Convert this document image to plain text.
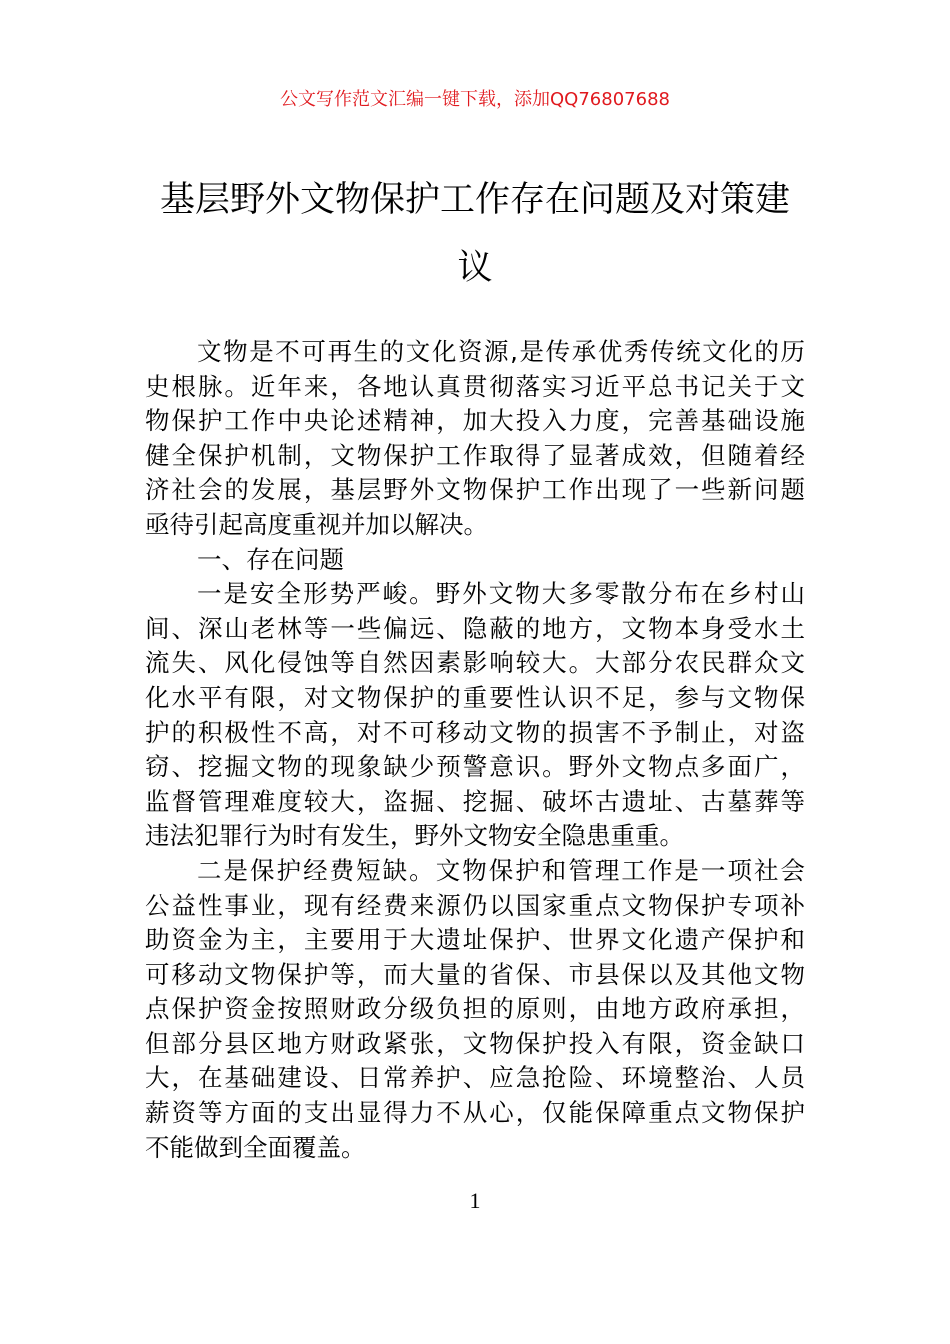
公文写作范文汇编一键下载，添加QQ76807688
基层野外文物保护工作存在问题及对策建
议
文物是不可再生的文化资源,是传承优秀传统文化的历
史根脉。近年来，各地认真贯彻落实习近平总书记关于文
物保护工作中央论述精神，加大投入力度，完善基础设施
健全保护机制，文物保护工作取得了显著成效，但随着经
济社会的发展，基层野外文物保护工作出现了一些新问题
亟待引起高度重视并加以解决。
一、存在问题
一是安全形势严峻。野外文物大多零散分布在乡村山
间、深山老林等一些偏远、隐蔽的地方，文物本身受水土
流失、风化侵蚀等自然因素影响较大。大部分农民群众文
化水平有限，对文物保护的重要性认识不足，参与文物保
护的积极性不高，对不可移动文物的损害不予制止，对盗
窃、挖掘文物的现象缺少预警意识。野外文物点多面广，
监督管理难度较大，盗掘、挖掘、破坏古遗址、古墓葬等
违法犯罪行为时有发生，野外文物安全隐患重重。
二是保护经费短缺。文物保护和管理工作是一项社会
公益性事业，现有经费来源仍以国家重点文物保护专项补
助资金为主，主要用于大遗址保护、世界文化遗产保护和
可移动文物保护等，而大量的省保、市县保以及其他文物
点保护资金按照财政分级负担的原则，由地方政府承担，
但部分县区地方财政紧张，文物保护投入有限，资金缺口
大，在基础建设、日常养护、应急抢险、环境整治、人员
薪资等方面的支出显得力不从心，仅能保障重点文物保护
不能做到全面覆盖。
1
